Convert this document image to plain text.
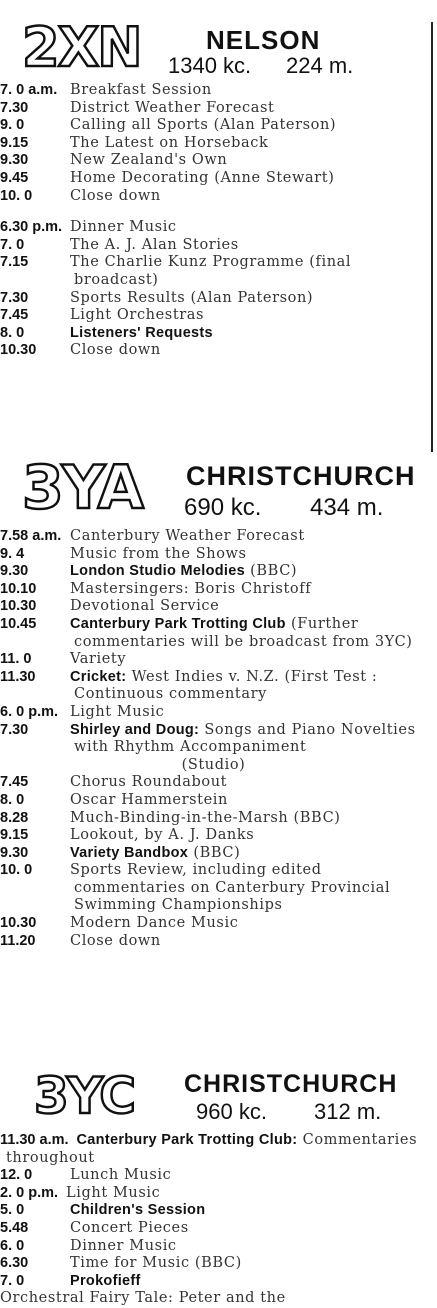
2XN	NELSON
1340 kc. 224 m.
7. 0 a.m. Breakfast Session
7.30	District Weather Forecast
9. 0	Calling all Sports (Alan Paterson)
9.15	The Latest on Horseback
9.30	New Zealand's Own
9.45	Home Decorating (Anne Stewart)
10. 0	Close down
6.30 p.m. Dinner Music
7. 0	The A. J. Alan Stories
7.15	The Charlie Kunz Programme (final broadcast)
7.30	Sports Results (Alan Paterson)
7.45	Light Orchestras
8. 0	Listeners' Requests
10.30 Close down
3YA CHRISTCHURCH
690 kc. 434 m.
7.58 a.m. Canterbury Weather Forecast
9. 4	Music from the Shows
9.30	London Studio Melodies (BBC)
10.10 Mastersingers: Boris Christoff
10.30 Devotional Service
10.45 Canterbury Park Trotting Club (Further commentaries will be broadcast from 3YC)
11. 0	Variety
11.30 Cricket: West Indies v. N.Z. (First Test : Continuous commentary
6. 0 p.m. Light Music
7.30	Shirley and Doug: Songs and Piano Novelties with Rhythm Accompaniment
(Studio)
7.45	Chorus Roundabout
8. 0	Oscar Hammerstein
8.28	Much-Binding-in-the-Marsh (BBC)
9.15	Lookout, by A. J. Danks
9.30	Variety Bandbox (BBC)
10. 0	Sports Review, including edited commentaries on Canterbury Provincial Swimming Championships
10.30 Modern Dance Music
11.20 Close down
3YC CHRISTCHURCH
960 kc. 312 m.
11.30 a.m. Canterbury Park Trotting Club: Commentaries throughout
12. 0	Lunch Music
2. 0 p.m. Light Music
5. 0	Children's Session
5.48	Concert Pieces
6. 0	Dinner Music
6.30	Time for Music (BBC)
7. 0	Prokofieff
Orchestral Fairy Tale: Peter and the
